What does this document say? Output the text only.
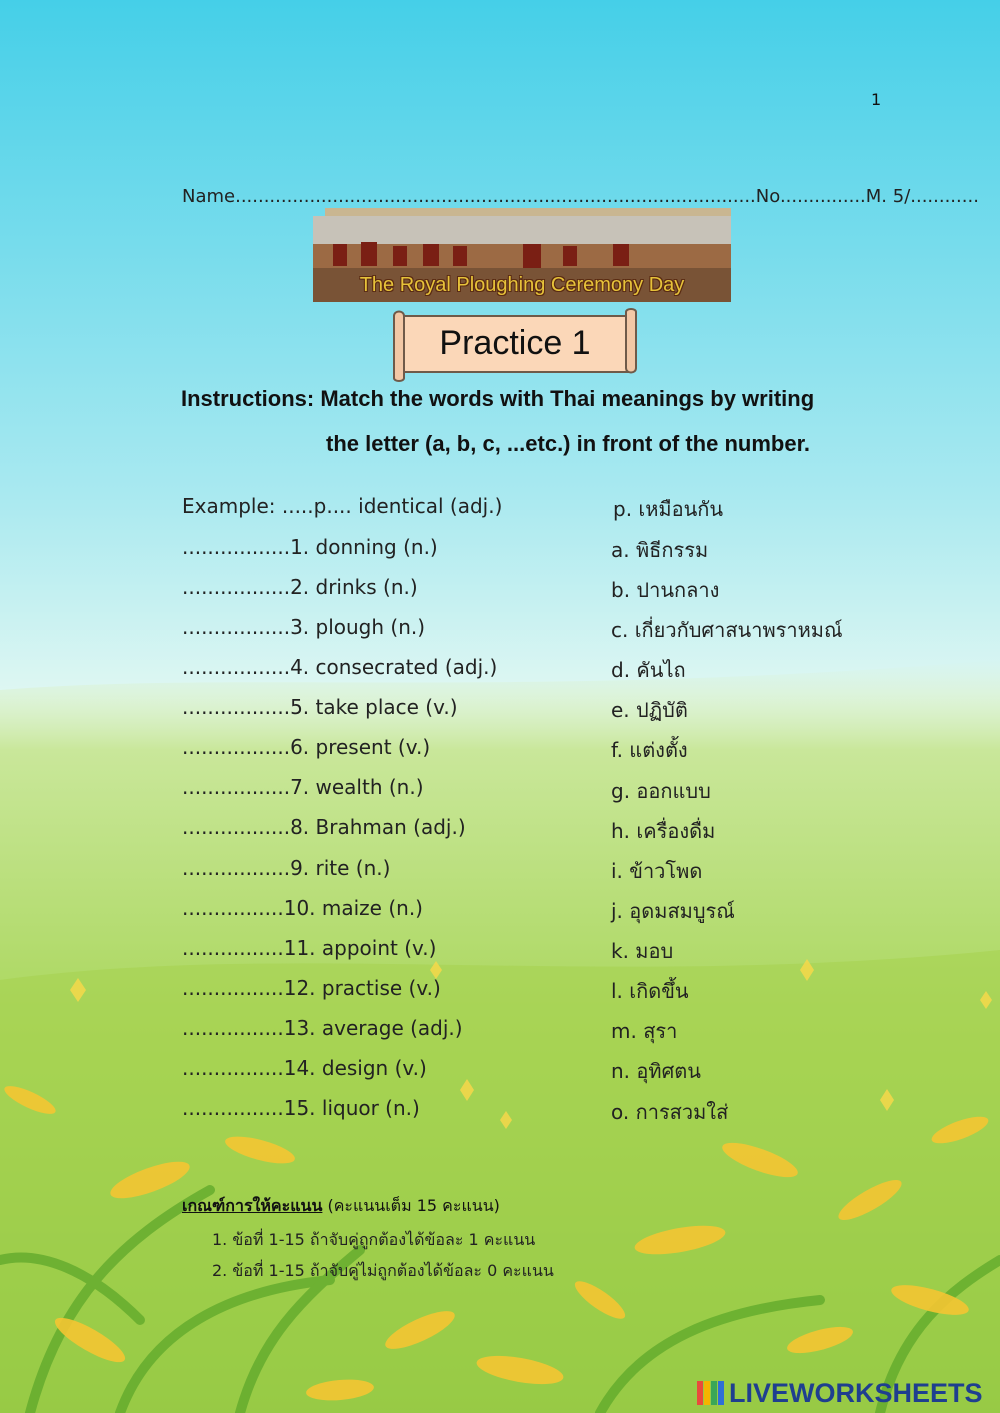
1
Name...........................................................................................No...............M. 5/............
The Royal Ploughing Ceremony Day
Practice 1
Instructions: Match the words with Thai meanings by writing
the letter (a, b, c, ...etc.) in front of the number.
Example: .....p.... identical (adj.)	p. เหมือนกัน
.................1. donning (n.)
.................2. drinks (n.)
.................3. plough (n.)
.................4. consecrated (adj.)
.................5. take place (v.)
.................6. present (v.)
.................7. wealth (n.)
.................8. Brahman (adj.)
.................9. rite (n.)
................10. maize (n.)
................11. appoint (v.)
................12. practise (v.)
................13. average (adj.)
................14. design (v.)
................15. liquor (n.)
a. พิธีกรรม
b. ปานกลาง
c. เกี่ยวกับศาสนาพราหมณ์
d. คันไถ
e. ปฏิบัติ
f. แต่งตั้ง
g. ออกแบบ
h. เครื่องดื่ม
i. ข้าวโพด
j. อุดมสมบูรณ์
k. มอบ
l. เกิดขึ้น
m. สุรา
n. อุทิศตน
o. การสวมใส่
เกณฑ์การให้คะแนน (คะแนนเต็ม 15 คะแนน)
1. ข้อที่ 1-15 ถ้าจับคู่ถูกต้องได้ข้อละ 1 คะแนน
2. ข้อที่ 1-15 ถ้าจับคู่ไม่ถูกต้องได้ข้อละ 0 คะแนน
LIVEWORKSHEETS
